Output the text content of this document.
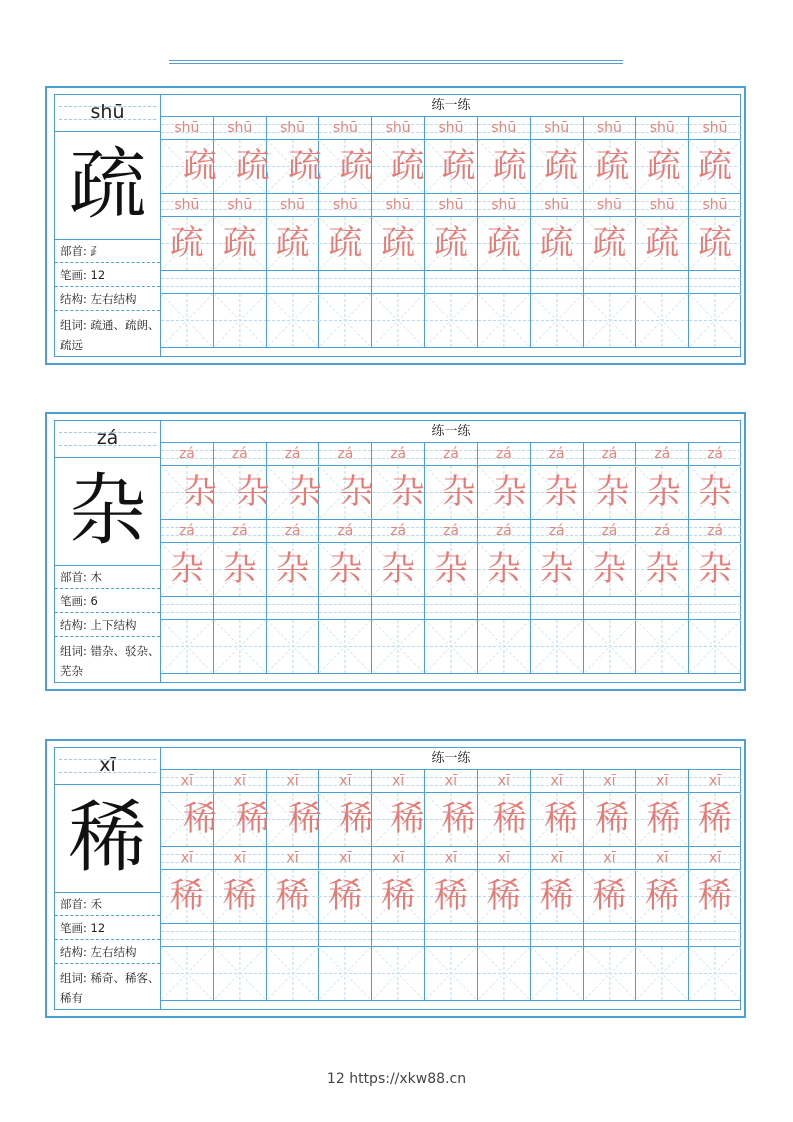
shū
疏
部首: ⺪
笔画: 12
结构: 左右结构
组词: 疏通、疏朗、疏远
练一练
shū	shū	shū	shū	shū	shū	shū	shū	shū	shū	shū
疏 疏 疏 疏 疏 疏 疏 疏 疏 疏 疏
shū	shū	shū	shū	shū	shū	shū	shū	shū	shū	shū
疏 疏 疏 疏 疏 疏 疏 疏 疏 疏 疏
zá
杂
部首: 木
笔画: 6
结构: 上下结构
组词: 错杂、驳杂、芜杂
练一练
zá	zá	zá	zá	zá	zá	zá	zá	zá	zá	zá
杂 杂 杂 杂 杂 杂 杂 杂 杂 杂 杂
zá	zá	zá	zá	zá	zá	zá	zá	zá	zá	zá
杂 杂 杂 杂 杂 杂 杂 杂 杂 杂 杂
xī
稀
部首: 禾
笔画: 12
结构: 左右结构
组词: 稀奇、稀客、稀有
练一练
xī	xī	xī	xī	xī	xī	xī	xī	xī	xī	xī
稀 稀 稀 稀 稀 稀 稀 稀 稀 稀 稀
xī	xī	xī	xī	xī	xī	xī	xī	xī	xī	xī
稀 稀 稀 稀 稀 稀 稀 稀 稀 稀 稀
12 https://xkw88.cn
